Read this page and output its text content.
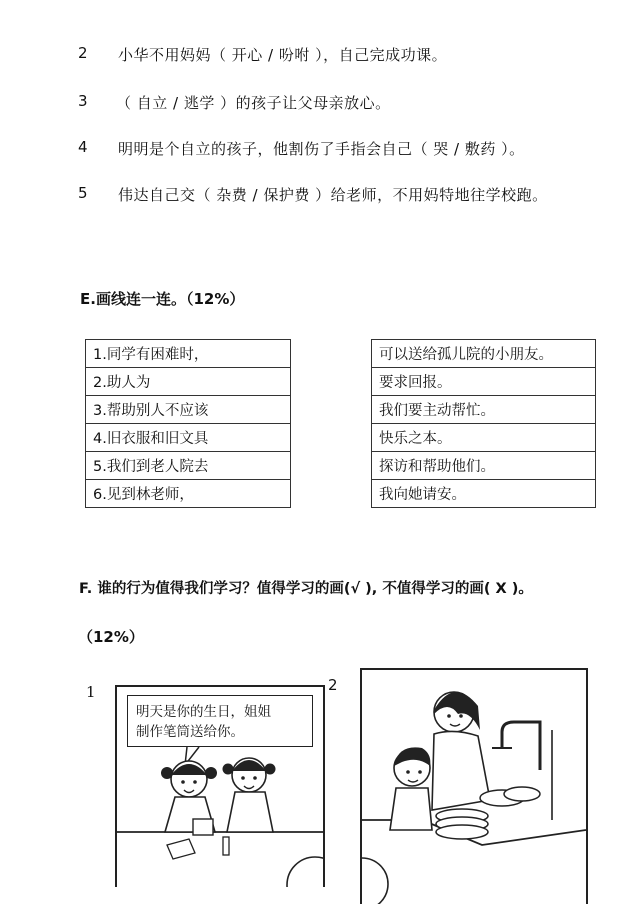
2 小华不用妈妈（ 开心 / 吩咐 ），自己完成功课。
3 （ 自立 / 逃学 ）的孩子让父母亲放心。
4 明明是个自立的孩子，他割伤了手指会自己（ 哭 / 敷药 ）。
5 伟达自己交（ 杂费 / 保护费 ）给老师，不用妈特地往学校跑。
E.画线连一连。（12%）
1.同学有困难时，
2.助人为
3.帮助别人不应该
4.旧衣服和旧文具
5.我们到老人院去
6.见到林老师，
可以送给孤儿院的小朋友。
要求回报。
我们要主动帮忙。
快乐之本。
探访和帮助他们。
我向她请安。
F. 谁的行为值得我们学习？值得学习的画(√ ), 不值得学习的画( X )。
（12%）
1	2
明天是你的生日，姐姐
制作笔筒送给你。
